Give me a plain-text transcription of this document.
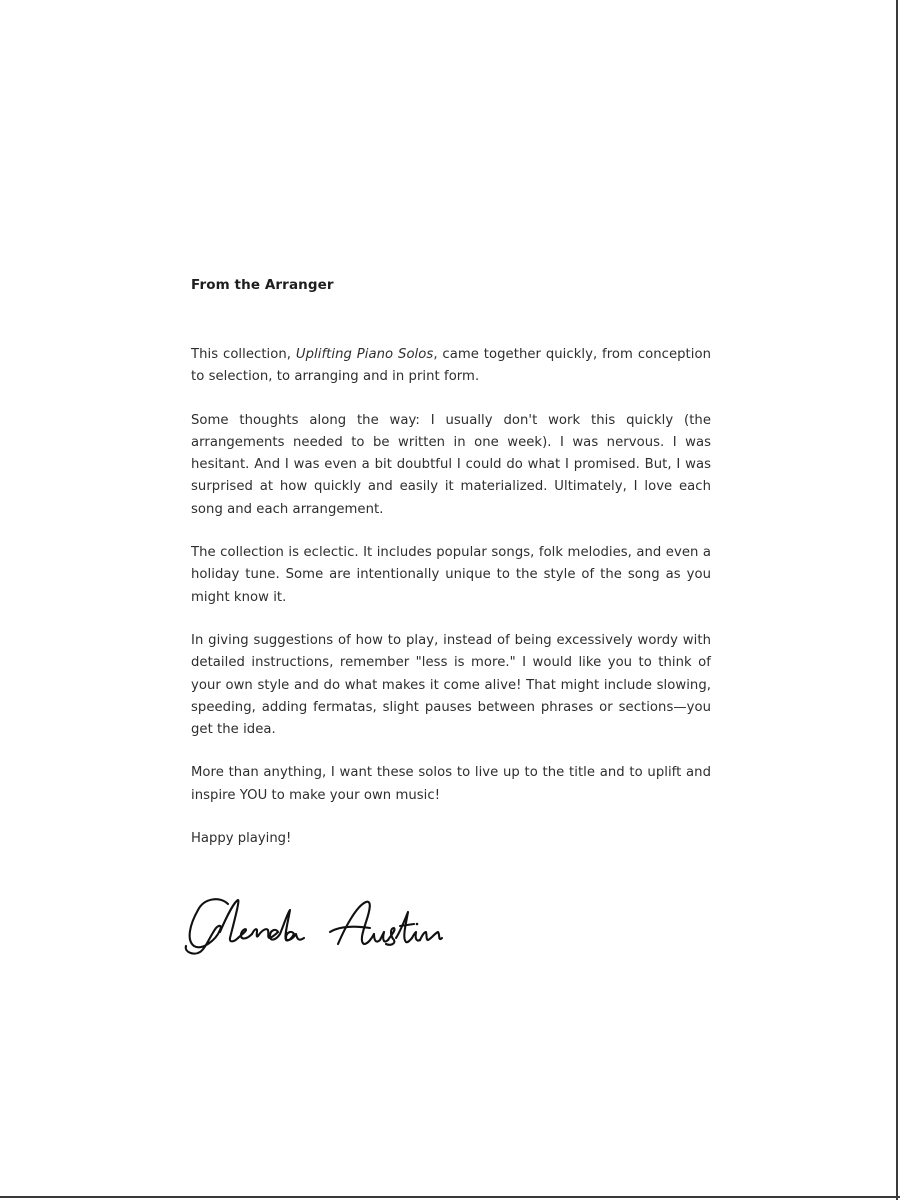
From the Arranger

This collection, Uplifting Piano Solos, came together quickly, from conception to selection, to arranging and in print form.

Some thoughts along the way: I usually don't work this quickly (the arrangements needed to be written in one week). I was nervous. I was hesitant. And I was even a bit doubtful I could do what I promised. But, I was surprised at how quickly and easily it materialized. Ultimately, I love each song and each arrangement.

The collection is eclectic. It includes popular songs, folk melodies, and even a holiday tune. Some are intentionally unique to the style of the song as you might know it.

In giving suggestions of how to play, instead of being excessively wordy with detailed instructions, remember "less is more." I would like you to think of your own style and do what makes it come alive! That might include slowing, speeding, adding fermatas, slight pauses between phrases or sections—you get the idea.

More than anything, I want these solos to live up to the title and to uplift and inspire YOU to make your own music!

Happy playing!
